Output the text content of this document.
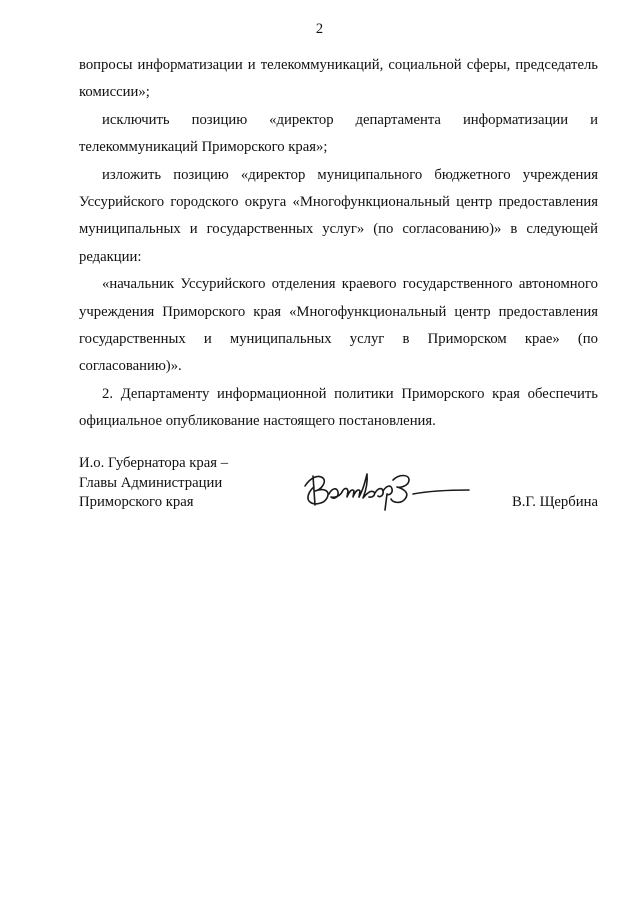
2

вопросы информатизации и телекоммуникаций, социальной сферы, председатель комиссии»;

исключить позицию «директор департамента информатизации и телекоммуникаций Приморского края»;

изложить позицию «директор муниципального бюджетного учреждения Уссурийского городского округа «Многофункциональный центр предоставления муниципальных и государственных услуг» (по согласованию)» в следующей редакции:

«начальник Уссурийского отделения краевого государственного автономного учреждения Приморского края «Многофункциональный центр предоставления государственных и муниципальных услуг в Приморском крае» (по согласованию)».

2. Департаменту информационной политики Приморского края обеспечить официальное опубликование настоящего постановления.

И.о. Губернатора края –
Главы Администрации
Приморского края	В.Г. Щербина
